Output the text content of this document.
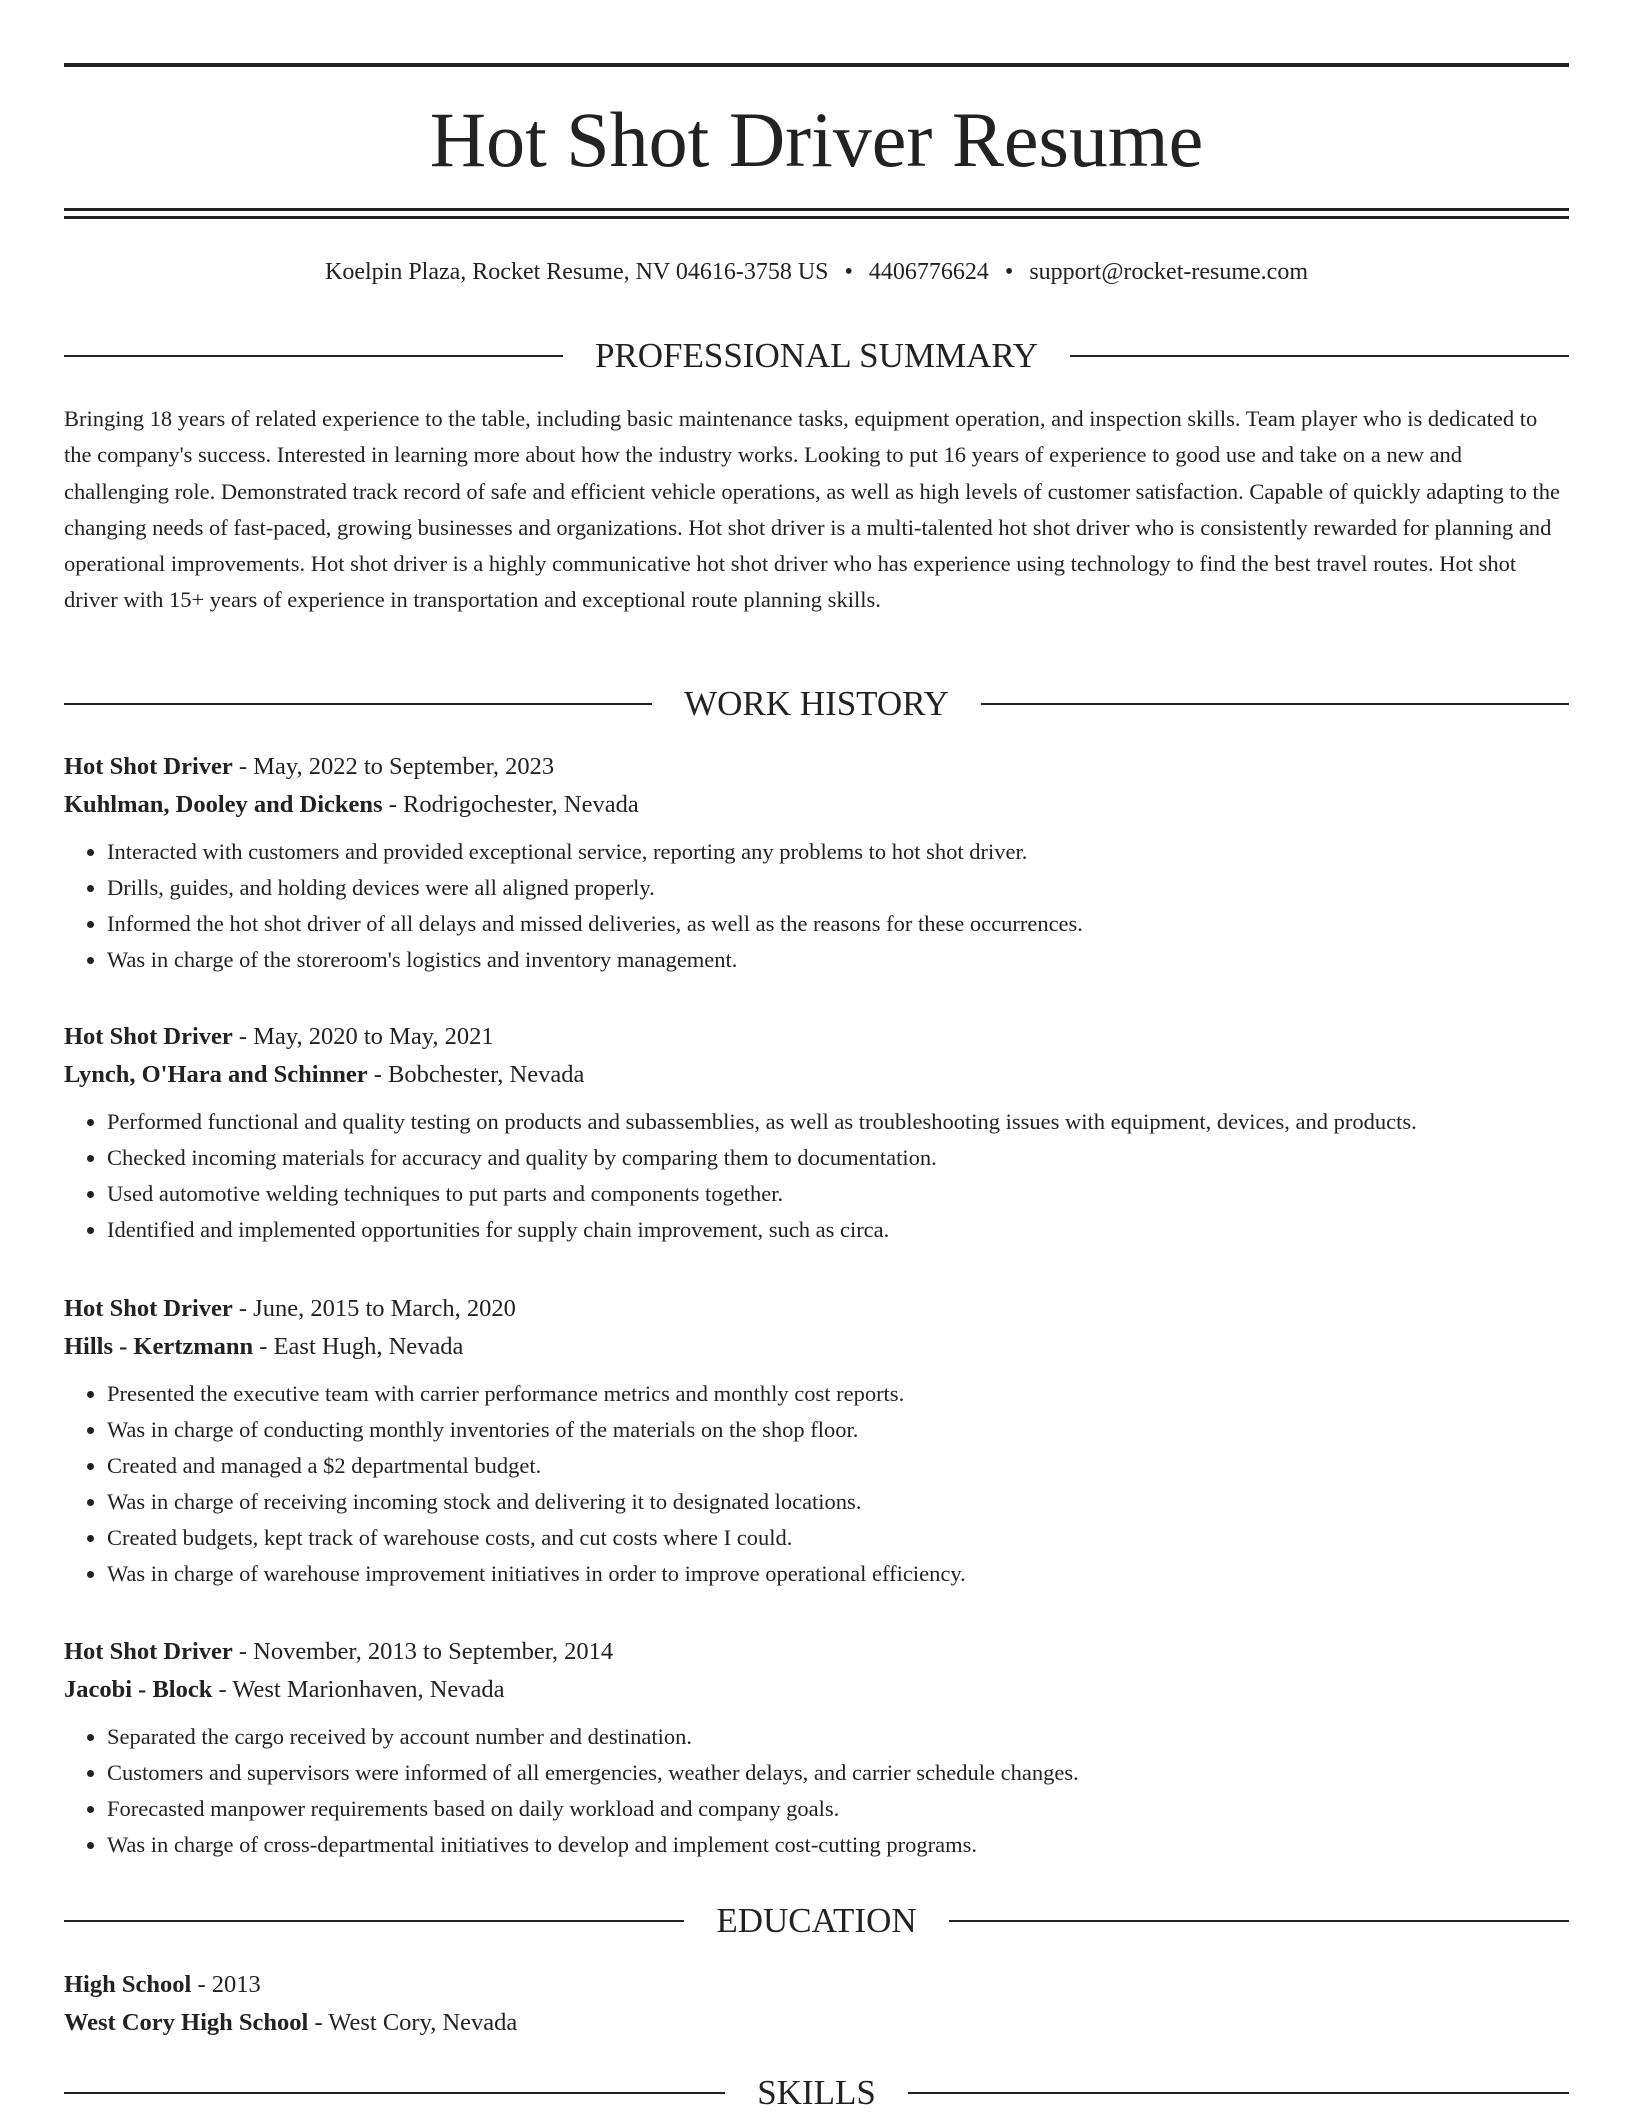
Hot Shot Driver Resume
Koelpin Plaza, Rocket Resume, NV 04616-3758 US • 4406776624 • support@rocket-resume.com
PROFESSIONAL SUMMARY

Bringing 18 years of related experience to the table, including basic maintenance tasks, equipment operation, and inspection skills. Team player who is dedicated to the company's success. Interested in learning more about how the industry works. Looking to put 16 years of experience to good use and take on a new and challenging role. Demonstrated track record of safe and efficient vehicle operations, as well as high levels of customer satisfaction. Capable of quickly adapting to the changing needs of fast-paced, growing businesses and organizations. Hot shot driver is a multi-talented hot shot driver who is consistently rewarded for planning and operational improvements. Hot shot driver is a highly communicative hot shot driver who has experience using technology to find the best travel routes. Hot shot driver with 15+ years of experience in transportation and exceptional route planning skills.

WORK HISTORY
Hot Shot Driver - May, 2022 to September, 2023
Kuhlman, Dooley and Dickens - Rodrigochester, Nevada
• Interacted with customers and provided exceptional service, reporting any problems to hot shot driver.
• Drills, guides, and holding devices were all aligned properly.
• Informed the hot shot driver of all delays and missed deliveries, as well as the reasons for these occurrences.
• Was in charge of the storeroom's logistics and inventory management.
Hot Shot Driver - May, 2020 to May, 2021
Lynch, O'Hara and Schinner - Bobchester, Nevada
• Performed functional and quality testing on products and subassemblies, as well as troubleshooting issues with equipment, devices, and products.
• Checked incoming materials for accuracy and quality by comparing them to documentation.
• Used automotive welding techniques to put parts and components together.
• Identified and implemented opportunities for supply chain improvement, such as circa.
Hot Shot Driver - June, 2015 to March, 2020
Hills - Kertzmann - East Hugh, Nevada
• Presented the executive team with carrier performance metrics and monthly cost reports.
• Was in charge of conducting monthly inventories of the materials on the shop floor.
• Created and managed a $2 departmental budget.
• Was in charge of receiving incoming stock and delivering it to designated locations.
• Created budgets, kept track of warehouse costs, and cut costs where I could.
• Was in charge of warehouse improvement initiatives in order to improve operational efficiency.
Hot Shot Driver - November, 2013 to September, 2014
Jacobi - Block - West Marionhaven, Nevada
• Separated the cargo received by account number and destination.
• Customers and supervisors were informed of all emergencies, weather delays, and carrier schedule changes.
• Forecasted manpower requirements based on daily workload and company goals.
• Was in charge of cross-departmental initiatives to develop and implement cost-cutting programs.
EDUCATION
High School - 2013
West Cory High School - West Cory, Nevada
SKILLS
